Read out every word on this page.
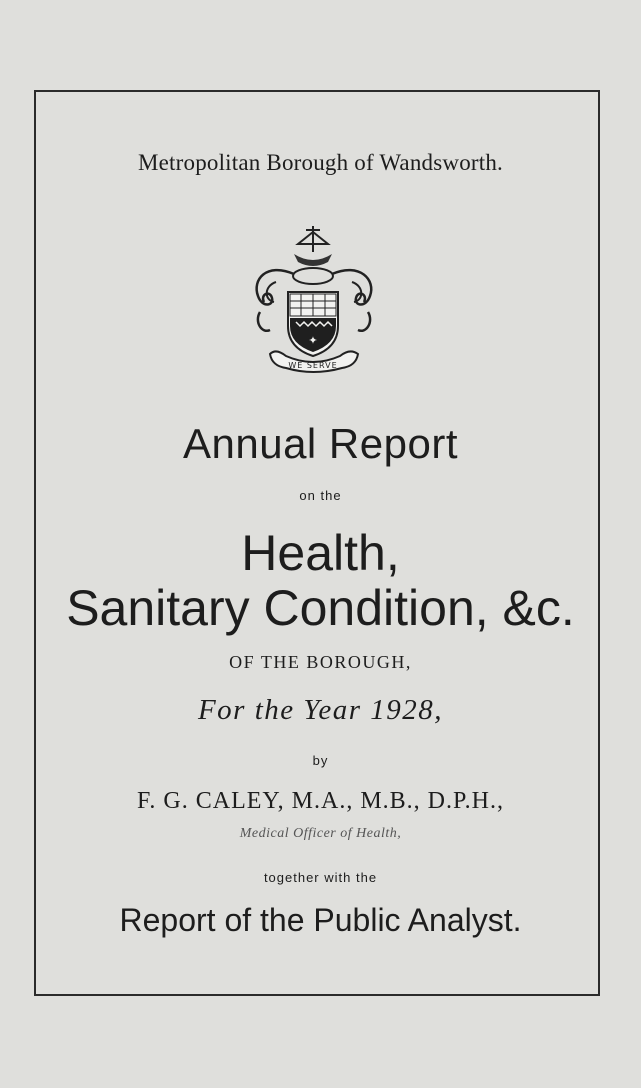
Metropolitan Borough of Wandsworth.
✦
WE SERVE
Annual Report
on the
Health,
Sanitary Condition, &c.
OF THE BOROUGH,
For the Year 1928,
by
F. G. CALEY, M.A., M.B., D.P.H.,
Medical Officer of Health,
together with the
Report of the Public Analyst.
